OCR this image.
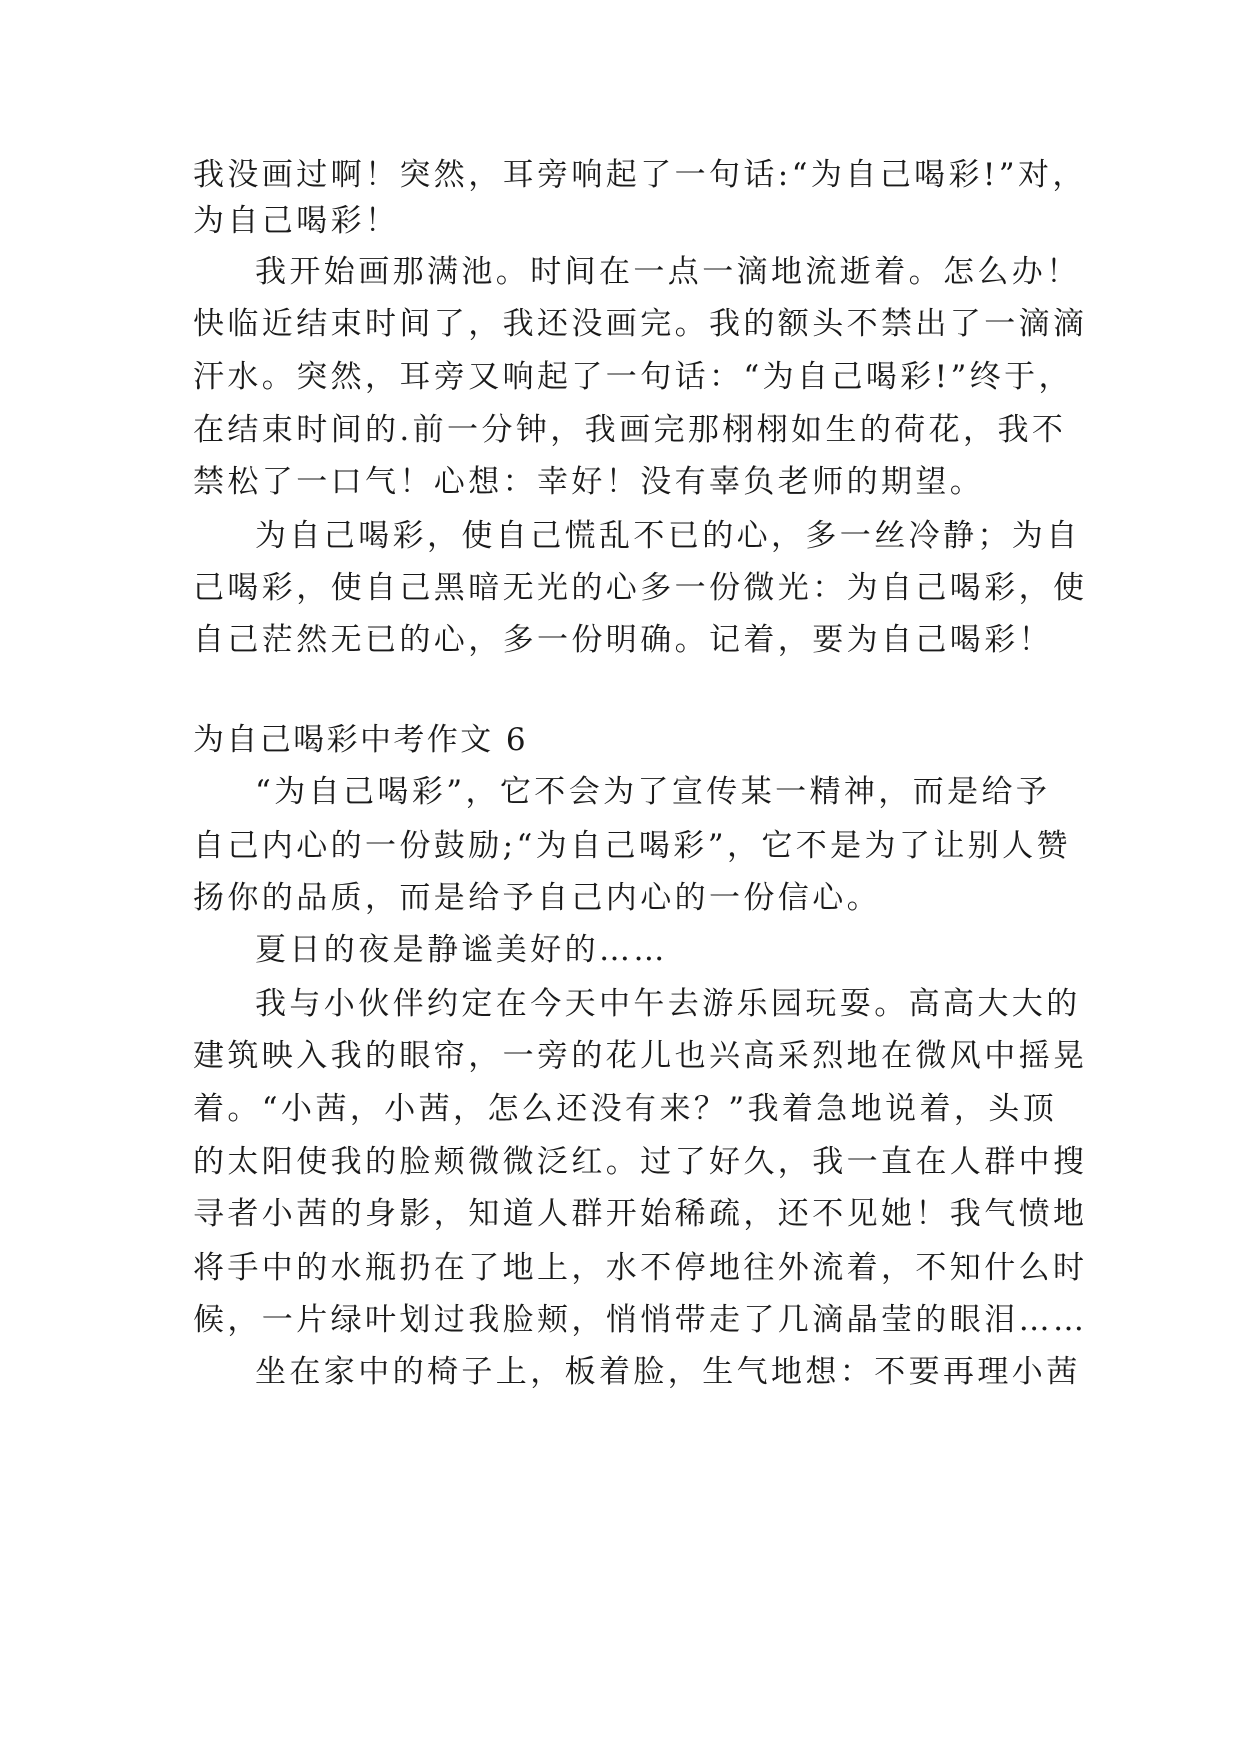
我没画过啊！突然，耳旁响起了一句话:“为自己喝彩!”对，
为自己喝彩！
我开始画那满池。时间在一点一滴地流逝着。怎么办！
快临近结束时间了，我还没画完。我的额头不禁出了一滴滴
汗水。突然，耳旁又响起了一句话：“为自己喝彩!”终于，
在结束时间的.前一分钟，我画完那栩栩如生的荷花，我不
禁松了一口气！心想：幸好！没有辜负老师的期望。
为自己喝彩，使自己慌乱不已的心，多一丝冷静；为自
己喝彩，使自己黑暗无光的心多一份微光：为自己喝彩，使
自己茫然无已的心，多一份明确。记着，要为自己喝彩！
为自己喝彩中考作文 6
“为自己喝彩”，它不会为了宣传某一精神，而是给予
自己内心的一份鼓励;“为自己喝彩”，它不是为了让别人赞
扬你的品质，而是给予自己内心的一份信心。
夏日的夜是静谧美好的……
我与小伙伴约定在今天中午去游乐园玩耍。高高大大的
建筑映入我的眼帘，一旁的花儿也兴高采烈地在微风中摇晃
着。“小茜，小茜，怎么还没有来？”我着急地说着，头顶
的太阳使我的脸颊微微泛红。过了好久，我一直在人群中搜
寻者小茜的身影，知道人群开始稀疏，还不见她！我气愤地
将手中的水瓶扔在了地上，水不停地往外流着，不知什么时
候，一片绿叶划过我脸颊，悄悄带走了几滴晶莹的眼泪……
坐在家中的椅子上，板着脸，生气地想：不要再理小茜
